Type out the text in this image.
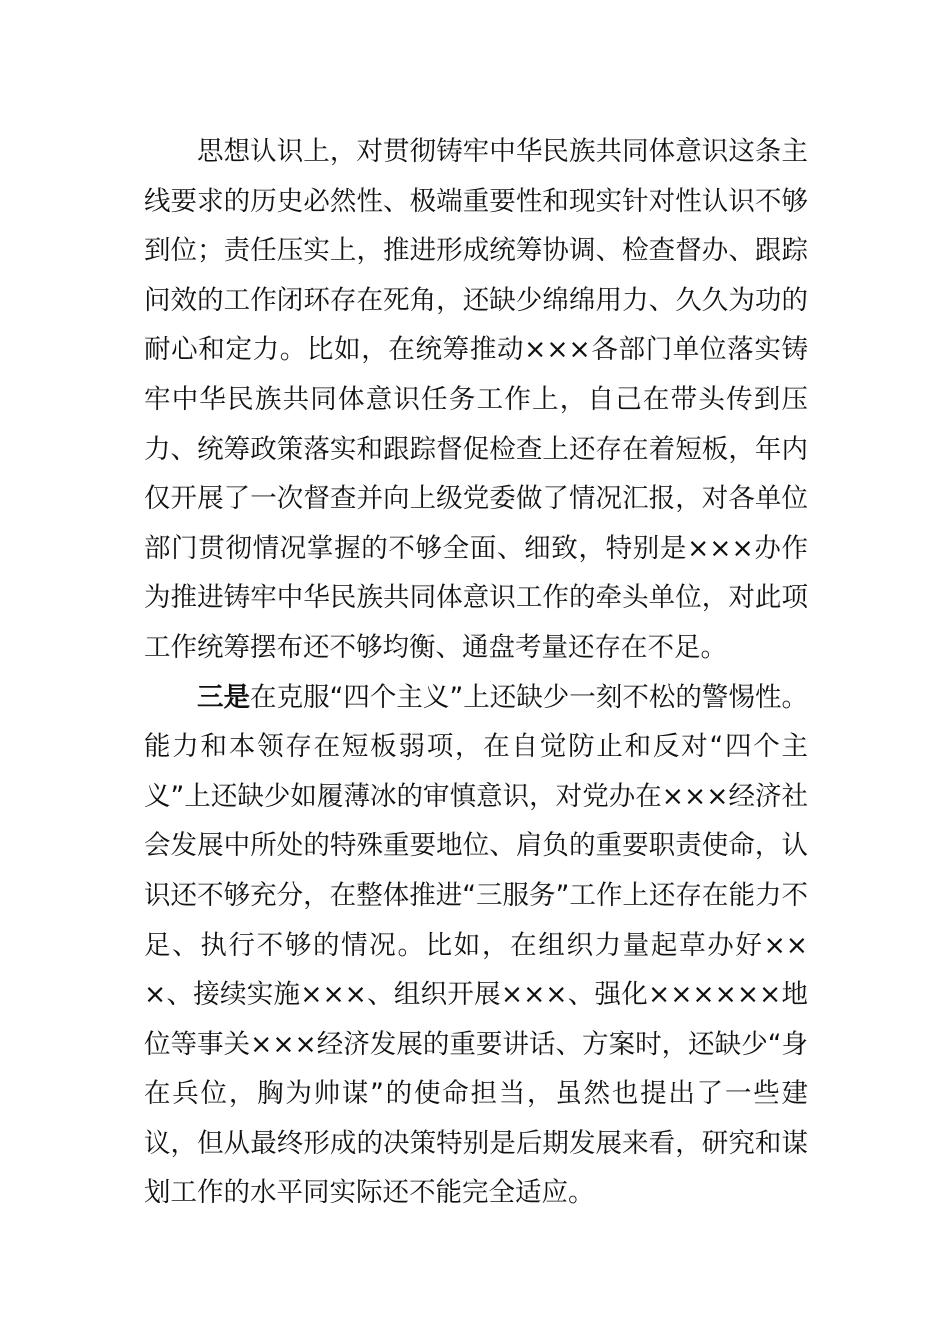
思想认识上，对贯彻铸牢中华民族共同体意识这条主线要求的历史必然性、极端重要性和现实针对性认识不够到位；责任压实上，推进形成统筹协调、检查督办、跟踪问效的工作闭环存在死角，还缺少绵绵用力、久久为功的耐心和定力。比如，在统筹推动×××各部门单位落实铸牢中华民族共同体意识任务工作上，自己在带头传到压力、统筹政策落实和跟踪督促检查上还存在着短板，年内仅开展了一次督查并向上级党委做了情况汇报，对各单位部门贯彻情况掌握的不够全面、细致，特别是×××办作为推进铸牢中华民族共同体意识工作的牵头单位，对此项工作统筹摆布还不够均衡、通盘考量还存在不足。

三是在克服“四个主义”上还缺少一刻不松的警惕性。能力和本领存在短板弱项，在自觉防止和反对“四个主义”上还缺少如履薄冰的审慎意识，对党办在×××经济社会发展中所处的特殊重要地位、肩负的重要职责使命，认识还不够充分，在整体推进“三服务”工作上还存在能力不足、执行不够的情况。比如，在组织力量起草办好×××、接续实施×××、组织开展×××、强化××××××地位等事关×××经济发展的重要讲话、方案时，还缺少“身在兵位，胸为帅谋”的使命担当，虽然也提出了一些建议，但从最终形成的决策特别是后期发展来看，研究和谋划工作的水平同实际还不能完全适应。
